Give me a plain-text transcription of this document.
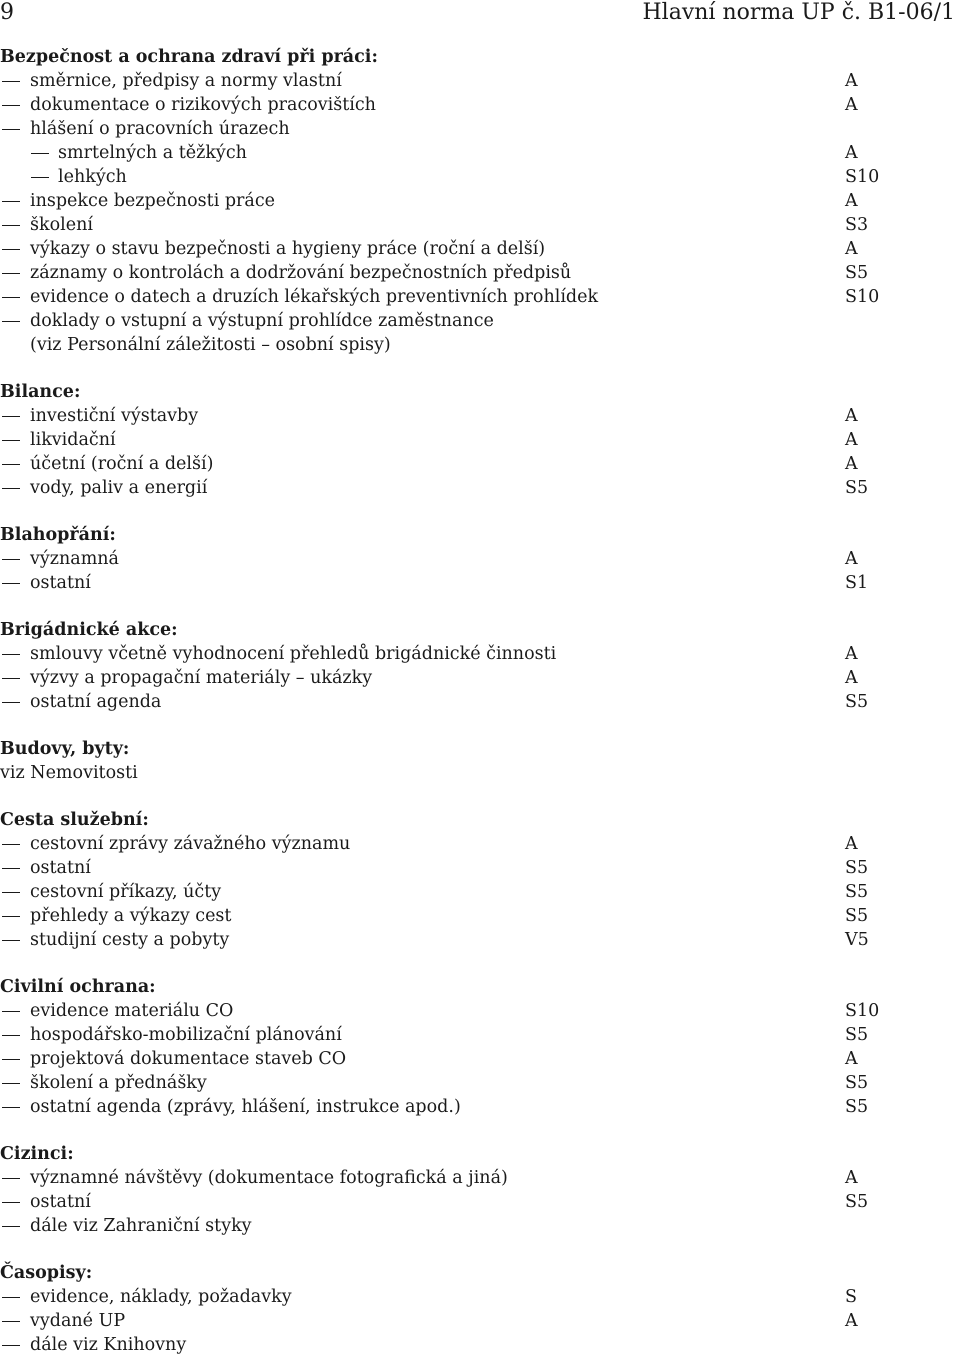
9	Hlavní norma UP č. B1-06/1
Bezpečnost a ochrana zdraví při práci:
směrnice, předpisy a normy vlastní	A
dokumentace o rizikových pracovištích	A
hlášení o pracovních úrazech
smrtelných a těžkých	A
lehkých	S10
inspekce bezpečnosti práce	A
školení	S3
výkazy o stavu bezpečnosti a hygieny práce (roční a delší)	A
záznamy o kontrolách a dodržování bezpečnostních předpisů	S5
evidence o datech a druzích lékařských preventivních prohlídek	S10
doklady o vstupní a výstupní prohlídce zaměstnance
(viz Personální záležitosti – osobní spisy)
Bilance:
investiční výstavby	A
likvidační	A
účetní (roční a delší)	A
vody, paliv a energií	S5
Blahopřání:
významná	A
ostatní	S1
Brigádnické akce:
smlouvy včetně vyhodnocení přehledů brigádnické činnosti	A
výzvy a propagační materiály – ukázky	A
ostatní agenda	S5
Budovy, byty:
viz Nemovitosti
Cesta služební:
cestovní zprávy závažného významu	A
ostatní	S5
cestovní příkazy, účty	S5
přehledy a výkazy cest	S5
studijní cesty a pobyty	V5
Civilní ochrana:
evidence materiálu CO	S10
hospodářsko-mobilizační plánování	S5
projektová dokumentace staveb CO	A
školení a přednášky	S5
ostatní agenda (zprávy, hlášení, instrukce apod.)	S5
Cizinci:
významné návštěvy (dokumentace fotografická a jiná)	A
ostatní	S5
dále viz Zahraniční styky
Časopisy:
evidence, náklady, požadavky	S
vydané UP	A
dále viz Knihovny
